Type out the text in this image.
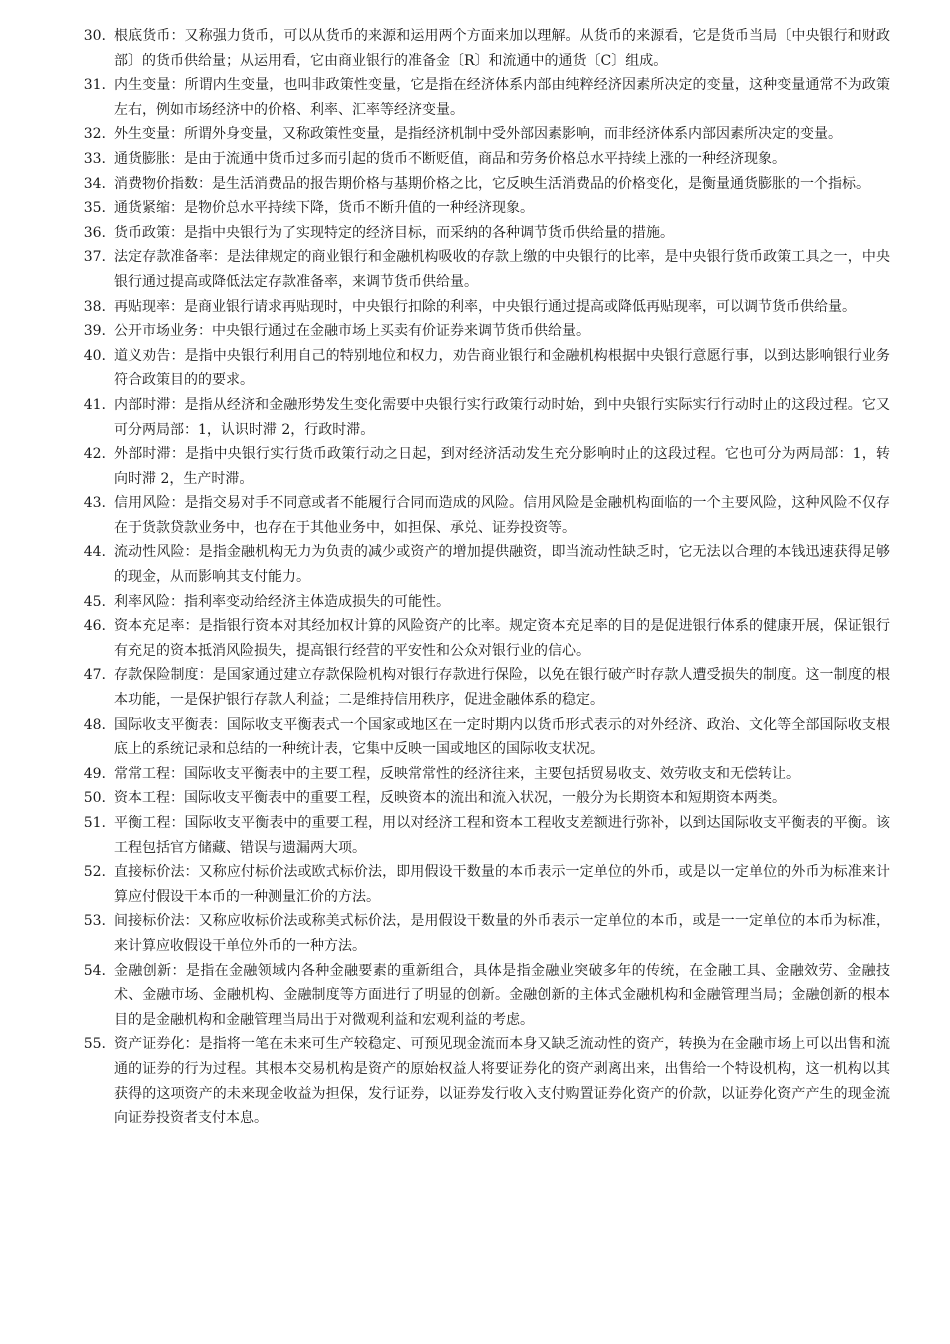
30. 根底货币：又称强力货币，可以从货币的来源和运用两个方面来加以理解。从货币的来源看，它是货币当局〔中央银行和财政部〕的货币供给量；从运用看，它由商业银行的准备金〔R〕和流通中的通货〔C〕组成。
31. 内生变量：所谓内生变量，也叫非政策性变量，它是指在经济体系内部由纯粹经济因素所决定的变量，这种变量通常不为政策左右，例如市场经济中的价格、利率、汇率等经济变量。
32. 外生变量：所谓外身变量，又称政策性变量，是指经济机制中受外部因素影响，而非经济体系内部因素所决定的变量。
33. 通货膨胀：是由于流通中货币过多而引起的货币不断贬值，商品和劳务价格总水平持续上涨的一种经济现象。
34. 消费物价指数：是生活消费品的报告期价格与基期价格之比，它反映生活消费品的价格变化，是衡量通货膨胀的一个指标。
35. 通货紧缩：是物价总水平持续下降，货币不断升值的一种经济现象。
36. 货币政策：是指中央银行为了实现特定的经济目标，而采纳的各种调节货币供给量的措施。
37. 法定存款准备率：是法律规定的商业银行和金融机构吸收的存款上缴的中央银行的比率，是中央银行货币政策工具之一，中央银行通过提高或降低法定存款准备率，来调节货币供给量。
38. 再贴现率：是商业银行请求再贴现时，中央银行扣除的利率，中央银行通过提高或降低再贴现率，可以调节货币供给量。
39. 公开市场业务：中央银行通过在金融市场上买卖有价证券来调节货币供给量。
40. 道义劝告：是指中央银行利用自己的特别地位和权力，劝告商业银行和金融机构根据中央银行意愿行事，以到达影响银行业务符合政策目的的要求。
41. 内部时滞：是指从经济和金融形势发生变化需要中央银行实行政策行动时始，到中央银行实际实行行动时止的这段过程。它又可分两局部：1，认识时滞 2，行政时滞。
42. 外部时滞：是指中央银行实行货币政策行动之日起，到对经济活动发生充分影响时止的这段过程。它也可分为两局部：1，转向时滞 2，生产时滞。
43. 信用风险：是指交易对手不同意或者不能履行合同而造成的风险。信用风险是金融机构面临的一个主要风险，这种风险不仅存在于货款贷款业务中，也存在于其他业务中，如担保、承兑、证券投资等。
44. 流动性风险：是指金融机构无力为负责的减少或资产的增加提供融资，即当流动性缺乏时，它无法以合理的本钱迅速获得足够的现金，从而影响其支付能力。
45. 利率风险：指利率变动给经济主体造成损失的可能性。
46. 资本充足率：是指银行资本对其经加权计算的风险资产的比率。规定资本充足率的目的是促进银行体系的健康开展，保证银行有充足的资本抵消风险损失，提高银行经营的平安性和公众对银行业的信心。
47. 存款保险制度：是国家通过建立存款保险机构对银行存款进行保险，以免在银行破产时存款人遭受损失的制度。这一制度的根本功能，一是保护银行存款人利益；二是维持信用秩序，促进金融体系的稳定。
48. 国际收支平衡表：国际收支平衡表式一个国家或地区在一定时期内以货币形式表示的对外经济、政治、文化等全部国际收支根底上的系统记录和总结的一种统计表，它集中反映一国或地区的国际收支状况。
49. 常常工程：国际收支平衡表中的主要工程，反映常常性的经济往来，主要包括贸易收支、效劳收支和无偿转让。
50. 资本工程：国际收支平衡表中的重要工程，反映资本的流出和流入状况，一般分为长期资本和短期资本两类。
51. 平衡工程：国际收支平衡表中的重要工程，用以对经济工程和资本工程收支差额进行弥补，以到达国际收支平衡表的平衡。该工程包括官方储藏、错误与遗漏两大项。
52. 直接标价法：又称应付标价法或欧式标价法，即用假设干数量的本币表示一定单位的外币，或是以一定单位的外币为标准来计算应付假设干本币的一种测量汇价的方法。
53. 间接标价法：又称应收标价法或称美式标价法，是用假设干数量的外币表示一定单位的本币，或是一一定单位的本币为标准，来计算应收假设干单位外币的一种方法。
54. 金融创新：是指在金融领域内各种金融要素的重新组合，具体是指金融业突破多年的传统，在金融工具、金融效劳、金融技术、金融市场、金融机构、金融制度等方面进行了明显的创新。金融创新的主体式金融机构和金融管理当局；金融创新的根本目的是金融机构和金融管理当局出于对微观利益和宏观利益的考虑。
55. 资产证券化：是指将一笔在未来可生产较稳定、可预见现金流而本身又缺乏流动性的资产，转换为在金融市场上可以出售和流通的证券的行为过程。其根本交易机构是资产的原始权益人将要证券化的资产剥离出来，出售给一个特设机构，这一机构以其获得的这项资产的未来现金收益为担保，发行证券，以证券发行收入支付购置证券化资产的价款，以证券化资产产生的现金流向证券投资者支付本息。
